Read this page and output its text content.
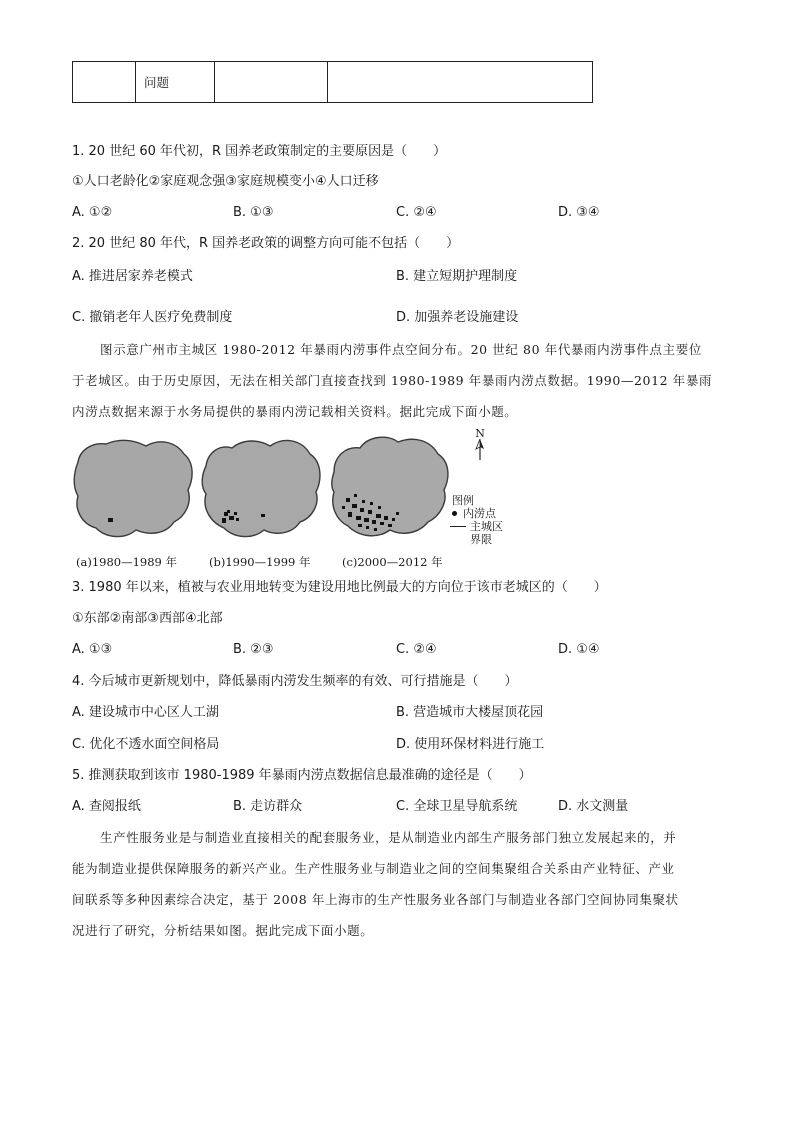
	问题		
1. 20 世纪 60 年代初，R 国养老政策制定的主要原因是（　　）
①人口老龄化②家庭观念强③家庭规模变小④人口迁移
A. ①②	B. ①③	C. ②④	D. ③④
2. 20 世纪 80 年代，R 国养老政策的调整方向可能不包括（　　）
A. 推进居家养老模式	B. 建立短期护理制度
C. 撤销老年人医疗免费制度	D. 加强养老设施建设
图示意广州市主城区 1980-2012 年暴雨内涝事件点空间分布。20 世纪 80 年代暴雨内涝事件点主要位
于老城区。由于历史原因，无法在相关部门直接查找到 1980-1989 年暴雨内涝点数据。1990—2012 年暴雨
内涝点数据来源于水务局提供的暴雨内涝记载相关资料。据此完成下面小题。
N
图例
内涝点
主城区
界限
(a)1980—1989 年	(b)1990—1999 年	(c)2000—2012 年
3. 1980 年以来，植被与农业用地转变为建设用地比例最大的方向位于该市老城区的（　　）
①东部②南部③西部④北部
A. ①③	B. ②③	C. ②④	D. ①④
4. 今后城市更新规划中，降低暴雨内涝发生频率的有效、可行措施是（　　）
A. 建设城市中心区人工湖	B. 营造城市大楼屋顶花园
C. 优化不透水面空间格局	D. 使用环保材料进行施工
5. 推测获取到该市 1980-1989 年暴雨内涝点数据信息最准确的途径是（　　）
A. 查阅报纸	B. 走访群众	C. 全球卫星导航系统	D. 水文测量
生产性服务业是与制造业直接相关的配套服务业，是从制造业内部生产服务部门独立发展起来的，并
能为制造业提供保障服务的新兴产业。生产性服务业与制造业之间的空间集聚组合关系由产业特征、产业
间联系等多种因素综合决定，基于 2008 年上海市的生产性服务业各部门与制造业各部门空间协同集聚状
况进行了研究，分析结果如图。据此完成下面小题。
